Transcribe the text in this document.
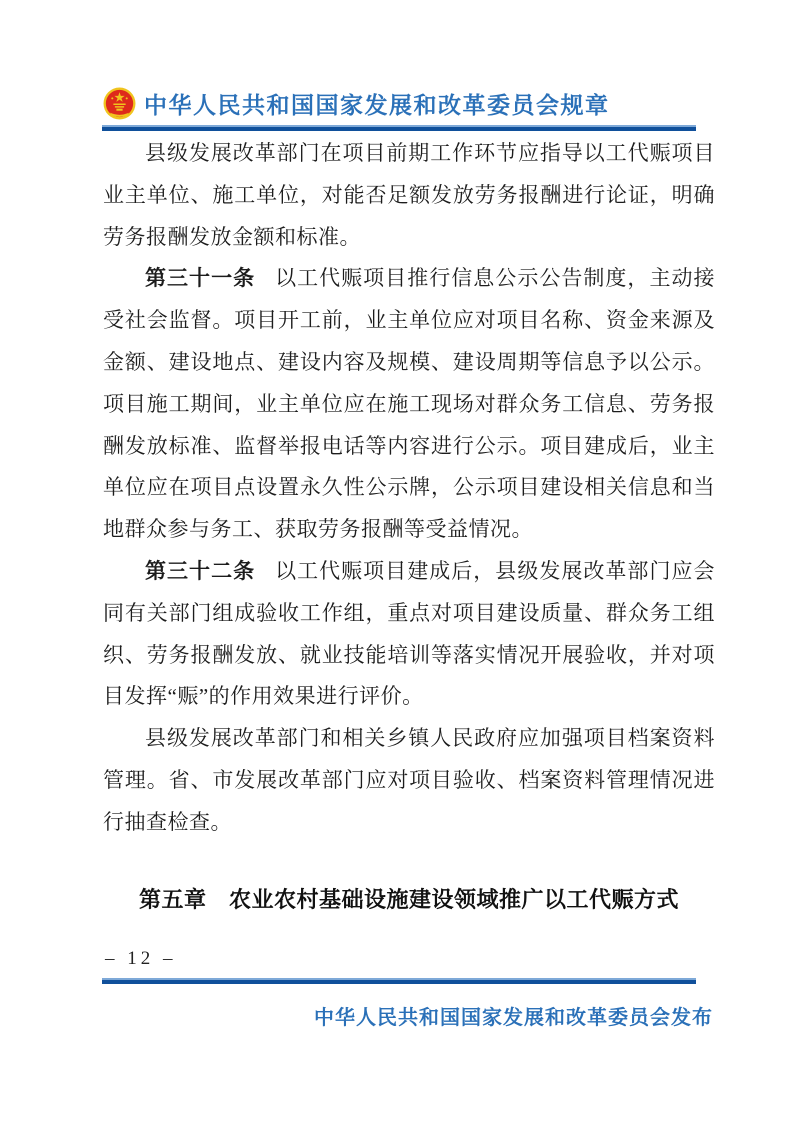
中华人民共和国国家发展和改革委员会规章

县级发展改革部门在项目前期工作环节应指导以工代赈项目业主单位、施工单位，对能否足额发放劳务报酬进行论证，明确劳务报酬发放金额和标准。

第三十一条 以工代赈项目推行信息公示公告制度，主动接受社会监督。项目开工前，业主单位应对项目名称、资金来源及金额、建设地点、建设内容及规模、建设周期等信息予以公示。项目施工期间，业主单位应在施工现场对群众务工信息、劳务报酬发放标准、监督举报电话等内容进行公示。项目建成后，业主单位应在项目点设置永久性公示牌，公示项目建设相关信息和当地群众参与务工、获取劳务报酬等受益情况。

第三十二条 以工代赈项目建成后，县级发展改革部门应会同有关部门组成验收工作组，重点对项目建设质量、群众务工组织、劳务报酬发放、就业技能培训等落实情况开展验收，并对项目发挥“赈”的作用效果进行评价。

县级发展改革部门和相关乡镇人民政府应加强项目档案资料管理。省、市发展改革部门应对项目验收、档案资料管理情况进行抽查检查。

第五章　农业农村基础设施建设领域推广以工代赈方式
– 12 –
中华人民共和国国家发展和改革委员会发布
